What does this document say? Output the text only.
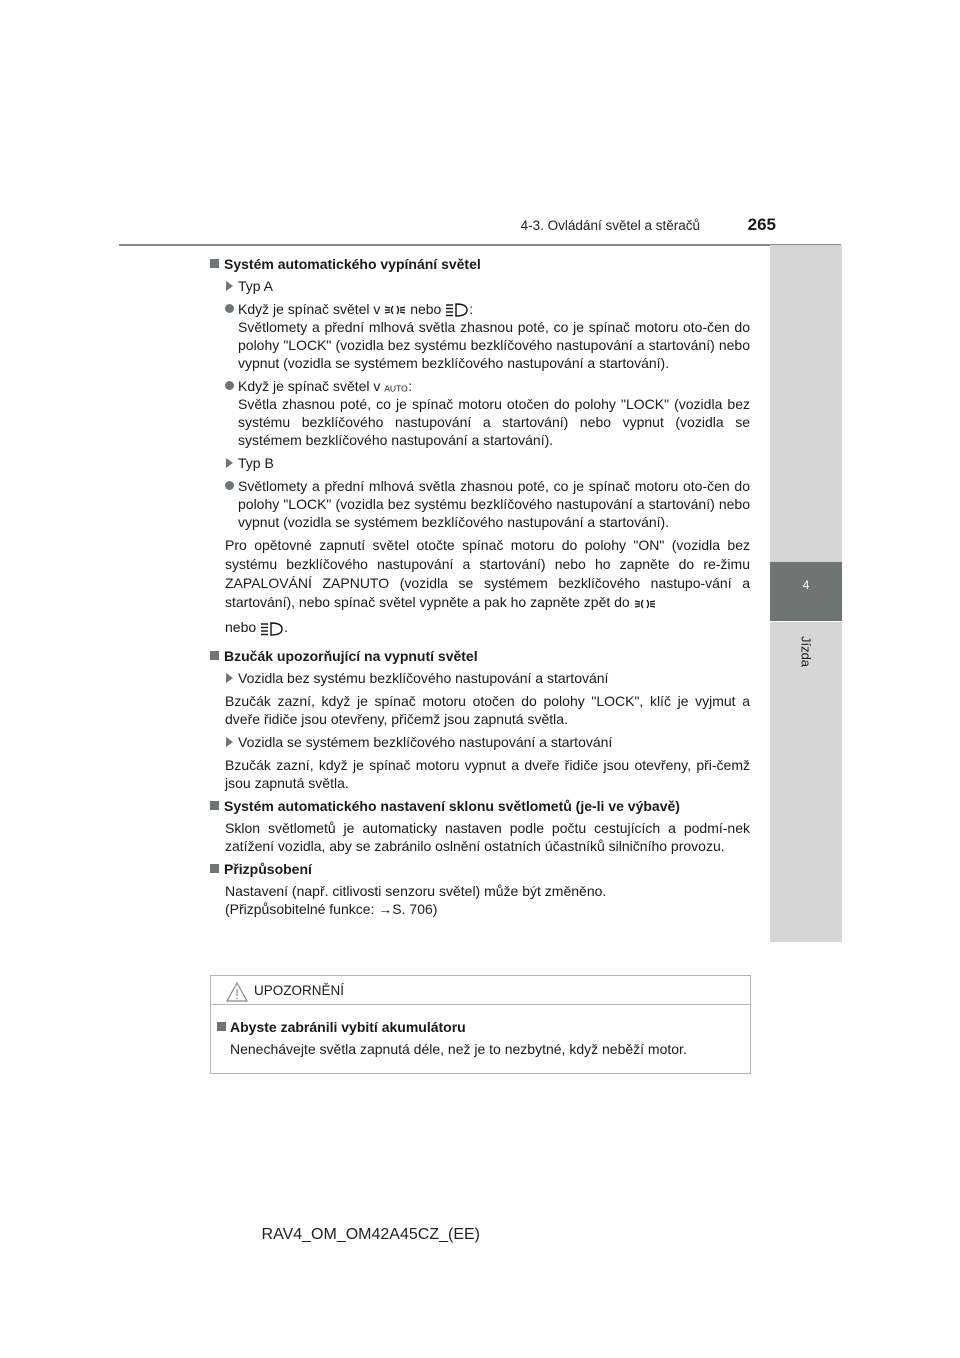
4-3. Ovládání světel a stěračů	265
4
Jízda
Systém automatického vypínání světel
Typ A
Když je spínač světel v nebo :
Světlomety a přední mlhová světla zhasnou poté, co je spínač motoru oto-čen do polohy "LOCK" (vozidla bez systému bezklíčového nastupování a startování) nebo vypnut (vozidla se systémem bezklíčového nastupování a startování).
Když je spínač světel v AUTO :
Světla zhasnou poté, co je spínač motoru otočen do polohy "LOCK" (vozidla bez systému bezklíčového nastupování a startování) nebo vypnut (vozidla se systémem bezklíčového nastupování a startování).
Typ B
Světlomety a přední mlhová světla zhasnou poté, co je spínač motoru oto-čen do polohy "LOCK" (vozidla bez systému bezklíčového nastupování a startování) nebo vypnut (vozidla se systémem bezklíčového nastupování a startování).
Pro opětovné zapnutí světel otočte spínač motoru do polohy "ON" (vozidla bez systému bezklíčového nastupování a startování) nebo ho zapněte do re-žimu ZAPALOVÁNÍ ZAPNUTO (vozidla se systémem bezklíčového nastupo-vání a startování), nebo spínač světel vypněte a pak ho zapněte zpět do
nebo .
Bzučák upozorňující na vypnutí světel
Vozidla bez systému bezklíčového nastupování a startování
Bzučák zazní, když je spínač motoru otočen do polohy "LOCK", klíč je vyjmut a dveře řidiče jsou otevřeny, přičemž jsou zapnutá světla.
Vozidla se systémem bezklíčového nastupování a startování
Bzučák zazní, když je spínač motoru vypnut a dveře řidiče jsou otevřeny, při-čemž jsou zapnutá světla.
Systém automatického nastavení sklonu světlometů (je-li ve výbavě)
Sklon světlometů je automaticky nastaven podle počtu cestujících a podmí-nek zatížení vozidla, aby se zabránilo oslnění ostatních účastníků silničního provozu.
Přizpůsobení
Nastavení (např. citlivosti senzoru světel) může být změněno.
(Přizpůsobitelné funkce: →S. 706)
UPOZORNĚNÍ
Abyste zabránili vybití akumulátoru
Nenechávejte světla zapnutá déle, než je to nezbytné, když neběží motor.
RAV4_OM_OM42A45CZ_(EE)
